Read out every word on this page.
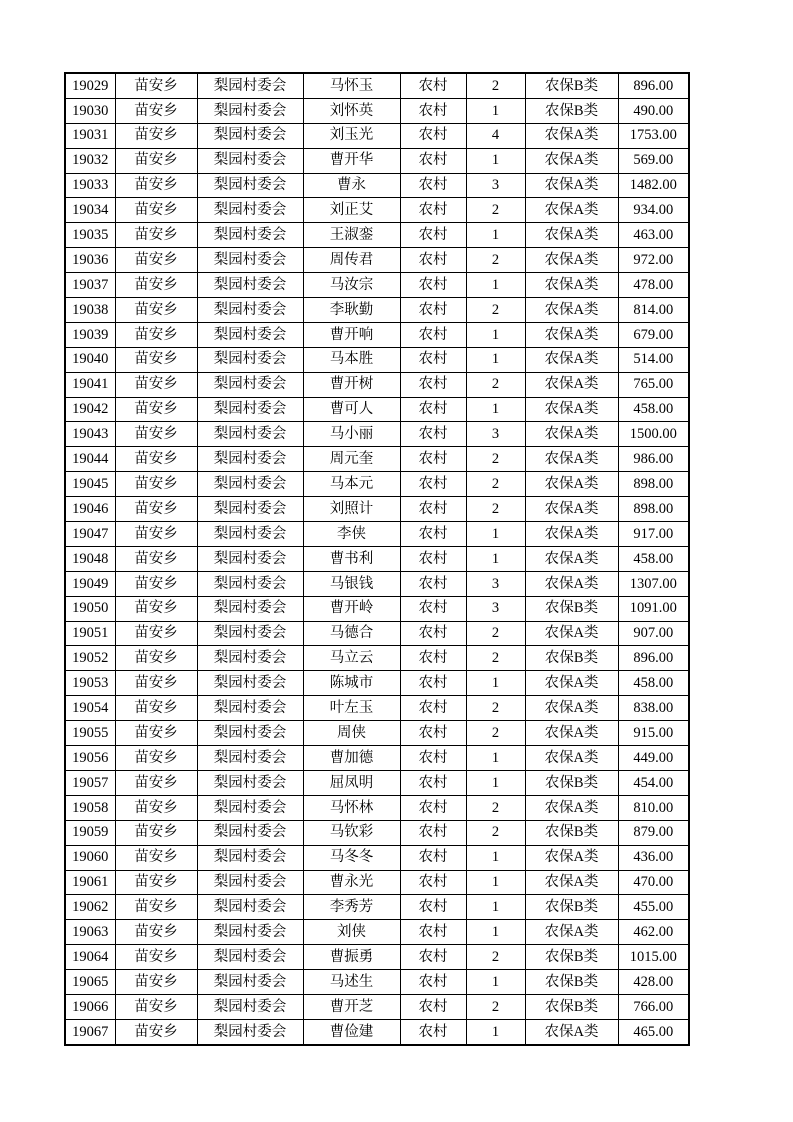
19029	苗安乡	梨园村委会	马怀玉	农村	2	农保B类	896.00
19030	苗安乡	梨园村委会	刘怀英	农村	1	农保B类	490.00
19031	苗安乡	梨园村委会	刘玉光	农村	4	农保A类	1753.00
19032	苗安乡	梨园村委会	曹开华	农村	1	农保A类	569.00
19033	苗安乡	梨园村委会	曹永	农村	3	农保A类	1482.00
19034	苗安乡	梨园村委会	刘正艾	农村	2	农保A类	934.00
19035	苗安乡	梨园村委会	王淑銮	农村	1	农保A类	463.00
19036	苗安乡	梨园村委会	周传君	农村	2	农保A类	972.00
19037	苗安乡	梨园村委会	马汝宗	农村	1	农保A类	478.00
19038	苗安乡	梨园村委会	李耿勤	农村	2	农保A类	814.00
19039	苗安乡	梨园村委会	曹开响	农村	1	农保A类	679.00
19040	苗安乡	梨园村委会	马本胜	农村	1	农保A类	514.00
19041	苗安乡	梨园村委会	曹开树	农村	2	农保A类	765.00
19042	苗安乡	梨园村委会	曹可人	农村	1	农保A类	458.00
19043	苗安乡	梨园村委会	马小丽	农村	3	农保A类	1500.00
19044	苗安乡	梨园村委会	周元奎	农村	2	农保A类	986.00
19045	苗安乡	梨园村委会	马本元	农村	2	农保A类	898.00
19046	苗安乡	梨园村委会	刘照计	农村	2	农保A类	898.00
19047	苗安乡	梨园村委会	李侠	农村	1	农保A类	917.00
19048	苗安乡	梨园村委会	曹书利	农村	1	农保A类	458.00
19049	苗安乡	梨园村委会	马银钱	农村	3	农保A类	1307.00
19050	苗安乡	梨园村委会	曹开岭	农村	3	农保B类	1091.00
19051	苗安乡	梨园村委会	马德合	农村	2	农保A类	907.00
19052	苗安乡	梨园村委会	马立云	农村	2	农保B类	896.00
19053	苗安乡	梨园村委会	陈城市	农村	1	农保A类	458.00
19054	苗安乡	梨园村委会	叶左玉	农村	2	农保A类	838.00
19055	苗安乡	梨园村委会	周侠	农村	2	农保A类	915.00
19056	苗安乡	梨园村委会	曹加德	农村	1	农保A类	449.00
19057	苗安乡	梨园村委会	屈凤明	农村	1	农保B类	454.00
19058	苗安乡	梨园村委会	马怀林	农村	2	农保A类	810.00
19059	苗安乡	梨园村委会	马钦彩	农村	2	农保B类	879.00
19060	苗安乡	梨园村委会	马冬冬	农村	1	农保A类	436.00
19061	苗安乡	梨园村委会	曹永光	农村	1	农保A类	470.00
19062	苗安乡	梨园村委会	李秀芳	农村	1	农保B类	455.00
19063	苗安乡	梨园村委会	刘侠	农村	1	农保A类	462.00
19064	苗安乡	梨园村委会	曹振勇	农村	2	农保B类	1015.00
19065	苗安乡	梨园村委会	马述生	农村	1	农保B类	428.00
19066	苗安乡	梨园村委会	曹开芝	农村	2	农保B类	766.00
19067	苗安乡	梨园村委会	曹俭建	农村	1	农保A类	465.00
